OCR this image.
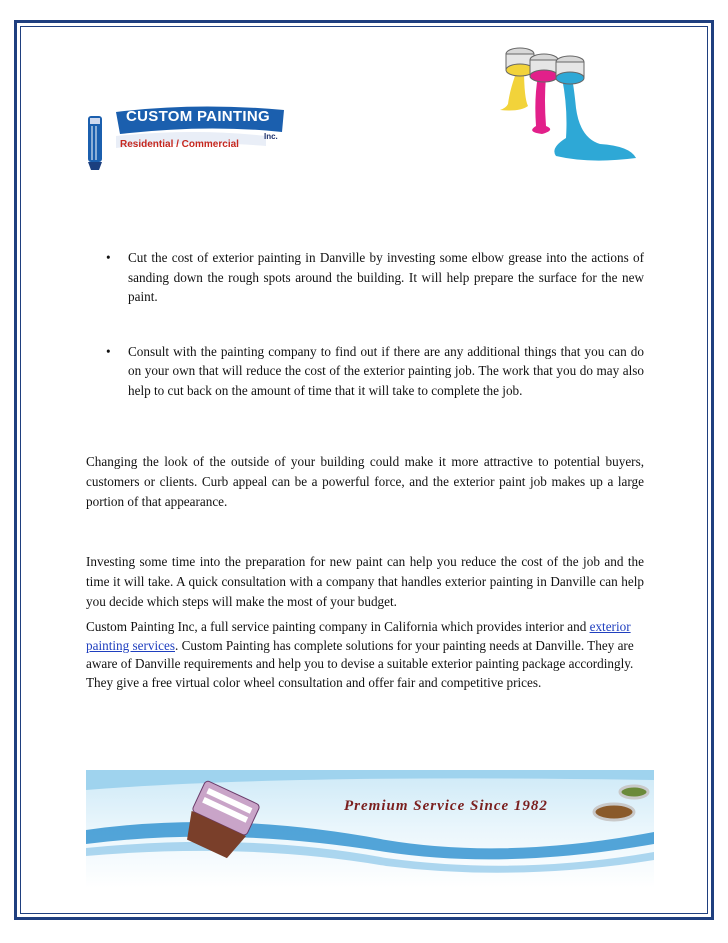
CUSTOM PAINTING
Inc.
Residential / Commercial
• Cut the cost of exterior painting in Danville by investing some elbow grease into the actions of sanding down the rough spots around the building. It will help prepare the surface for the new paint.
• Consult with the painting company to find out if there are any additional things that you can do on your own that will reduce the cost of the exterior painting job. The work that you do may also help to cut back on the amount of time that it will take to complete the job.

Changing the look of the outside of your building could make it more attractive to potential buyers, customers or clients. Curb appeal can be a powerful force, and the exterior paint job makes up a large portion of that appearance.

Investing some time into the preparation for new paint can help you reduce the cost of the job and the time it will take. A quick consultation with a company that handles exterior painting in Danville can help you decide which steps will make the most of your budget.

Custom Painting Inc, a full service painting company in California which provides interior and exterior painting services. Custom Painting has complete solutions for your painting needs at Danville. They are aware of Danville requirements and help you to devise a suitable exterior painting package accordingly. They give a free virtual color wheel consultation and offer fair and competitive prices.

Premium Service Since 1982
